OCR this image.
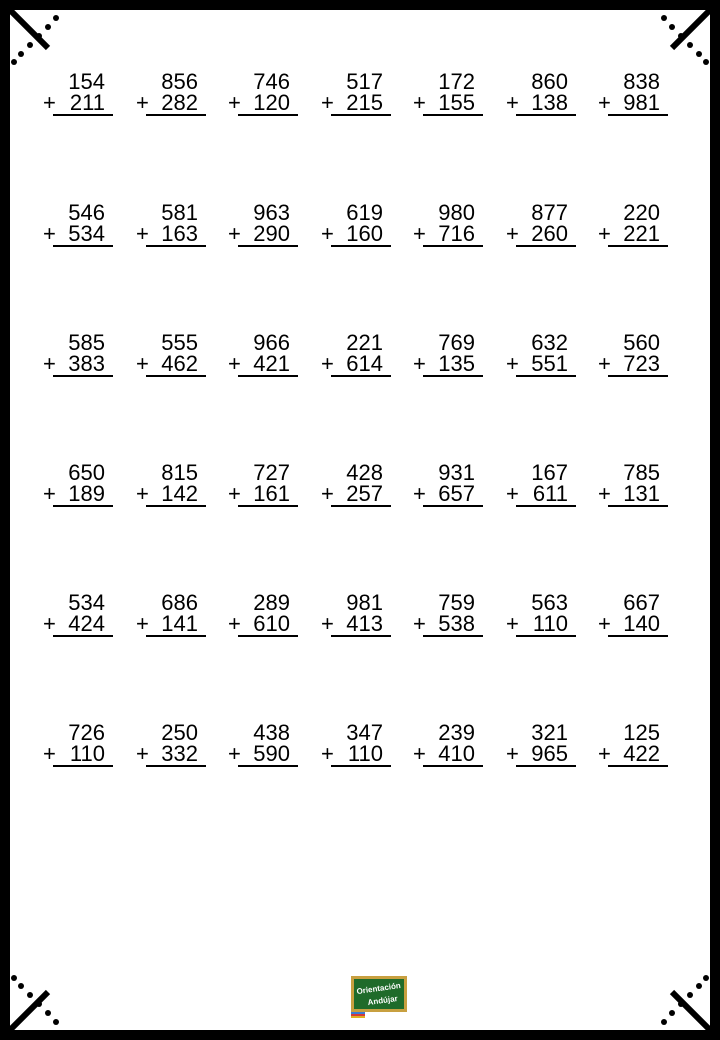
154
+ 211
856
+ 282
746
+ 120
517
+ 215
172
+ 155
860
+ 138
838
+ 981
546
+ 534
581
+ 163
963
+ 290
619
+ 160
980
+ 716
877
+ 260
220
+ 221
585
+ 383
555
+ 462
966
+ 421
221
+ 614
769
+ 135
632
+ 551
560
+ 723
650
+ 189
815
+ 142
727
+ 161
428
+ 257
931
+ 657
167
+ 611
785
+ 131
534
+ 424
686
+ 141
289
+ 610
981
+ 413
759
+ 538
563
+ 110
667
+ 140
726
+ 110
250
+ 332
438
+ 590
347
+ 110
239
+ 410
321
+ 965
125
+ 422
Orientación
Andújar
